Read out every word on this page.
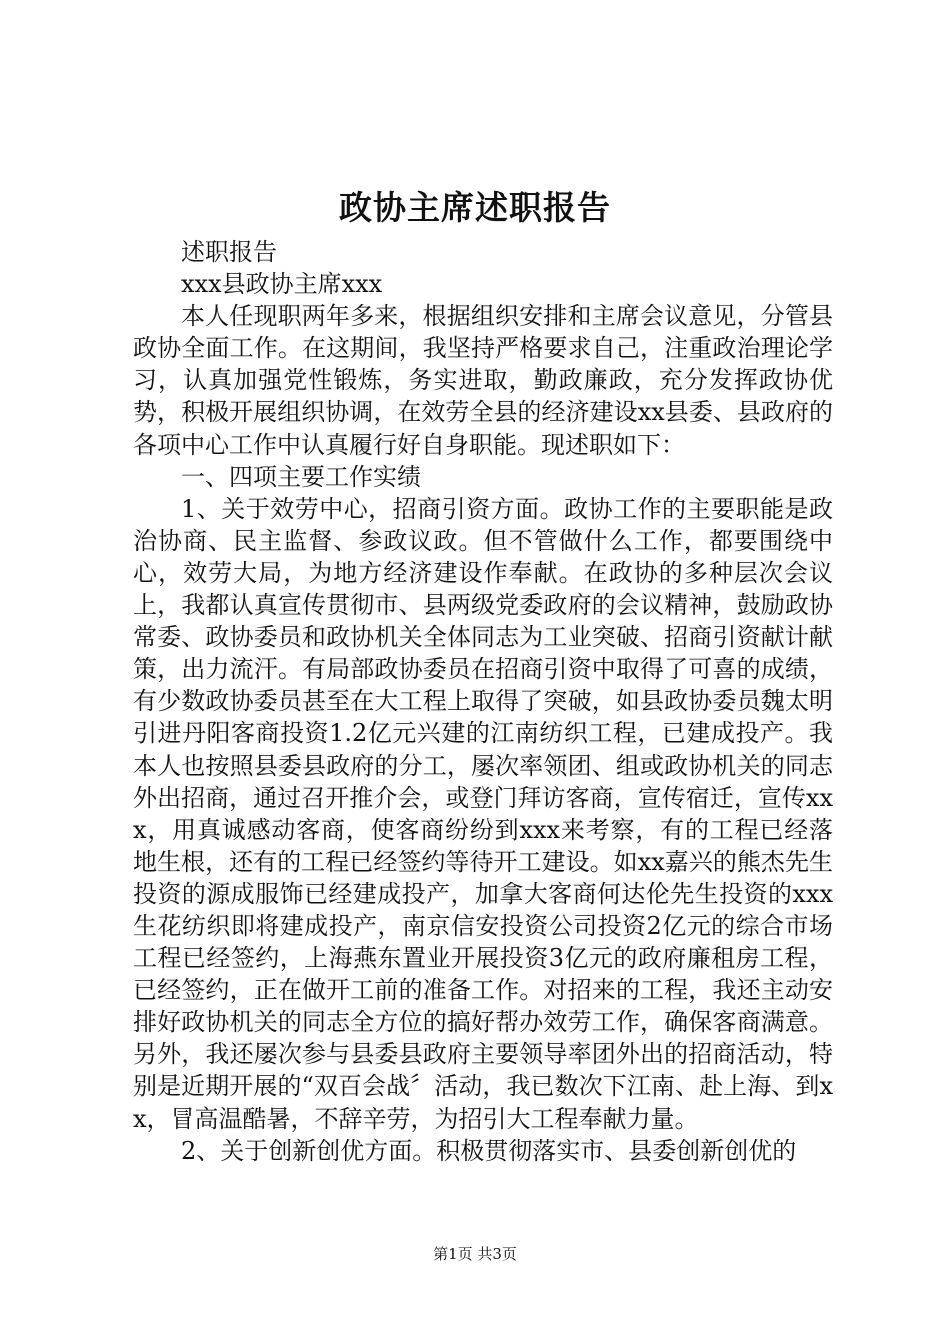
政协主席述职报告

述职报告

xxx县政协主席xxx

本人任现职两年多来，根据组织安排和主席会议意见，分管县政协全面工作。在这期间，我坚持严格要求自己，注重政治理论学习，认真加强党性锻炼，务实进取，勤政廉政，充分发挥政协优势，积极开展组织协调，在效劳全县的经济建设xx县委、县政府的各项中心工作中认真履行好自身职能。现述职如下：

一、四项主要工作实绩

1、关于效劳中心，招商引资方面。政协工作的主要职能是政治协商、民主监督、参政议政。但不管做什么工作，都要围绕中心，效劳大局，为地方经济建设作奉献。在政协的多种层次会议上，我都认真宣传贯彻市、县两级党委政府的会议精神，鼓励政协常委、政协委员和政协机关全体同志为工业突破、招商引资献计献策，出力流汗。有局部政协委员在招商引资中取得了可喜的成绩，有少数政协委员甚至在大工程上取得了突破，如县政协委员魏太明引进丹阳客商投资1.2亿元兴建的江南纺织工程，已建成投产。我本人也按照县委县政府的分工，屡次率领团、组或政协机关的同志外出招商，通过召开推介会，或登门拜访客商，宣传宿迁，宣传xxx，用真诚感动客商，使客商纷纷到xxx来考察，有的工程已经落地生根，还有的工程已经签约等待开工建设。如xx嘉兴的熊杰先生投资的源成服饰已经建成投产，加拿大客商何达伦先生投资的xxx生花纺织即将建成投产，南京信安投资公司投资2亿元的综合市场工程已经签约，上海燕东置业开展投资3亿元的政府廉租房工程，已经签约，正在做开工前的准备工作。对招来的工程，我还主动安排好政协机关的同志全方位的搞好帮办效劳工作，确保客商满意。另外，我还屡次参与县委县政府主要领导率团外出的招商活动，特别是近期开展的“双百会战〞活动，我已数次下江南、赴上海、到xx，冒高温酷暑，不辞辛劳，为招引大工程奉献力量。

2、关于创新创优方面。积极贯彻落实市、县委创新创优的

第1页 共3页
